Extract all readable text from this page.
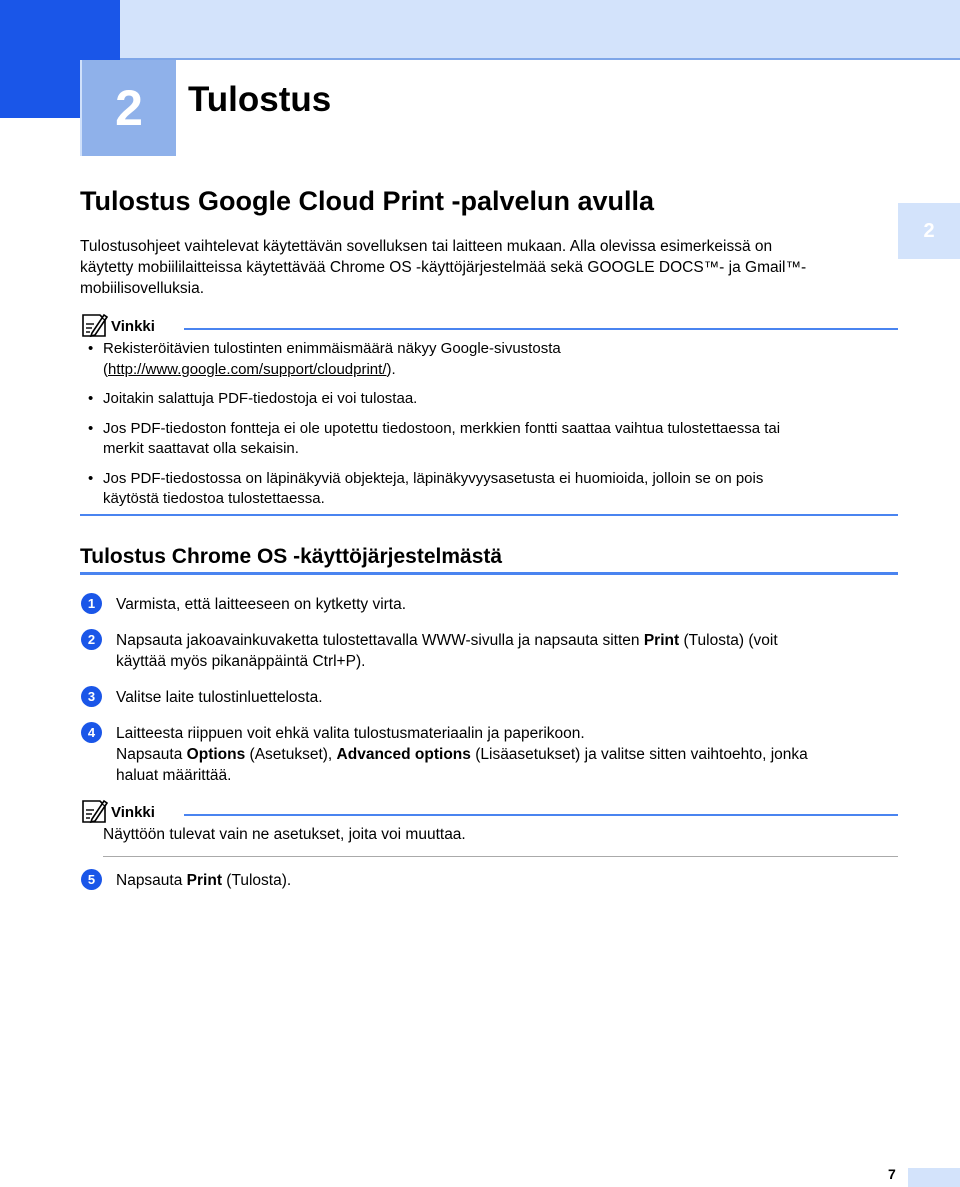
2 Tulostus
2
Tulostus Google Cloud Print -palvelun avulla
Tulostusohjeet vaihtelevat käytettävän sovelluksen tai laitteen mukaan. Alla olevissa esimerkeissä on
käytetty mobiililaitteissa käytettävää Chrome OS -käyttöjärjestelmää sekä GOOGLE DOCS™- ja Gmail™-
mobiilisovelluksia.
Vinkki
• Rekisteröitävien tulostinten enimmäismäärä näkyy Google-sivustosta
(http://www.google.com/support/cloudprint/).
• Joitakin salattuja PDF-tiedostoja ei voi tulostaa.
• Jos PDF-tiedoston fontteja ei ole upotettu tiedostoon, merkkien fontti saattaa vaihtua tulostettaessa tai
merkit saattavat olla sekaisin.
• Jos PDF-tiedostossa on läpinäkyviä objekteja, läpinäkyvyysasetusta ei huomioida, jolloin se on pois
käytöstä tiedostoa tulostettaessa.
Tulostus Chrome OS -käyttöjärjestelmästä
1	Varmista, että laitteeseen on kytketty virta.
2	Napsauta jakoavainkuvaketta tulostettavalla WWW-sivulla ja napsauta sitten Print (Tulosta) (voit
käyttää myös pikanäppäintä Ctrl+P).
3	Valitse laite tulostinluettelosta.
4	Laitteesta riippuen voit ehkä valita tulostusmateriaalin ja paperikoon.
Napsauta Options (Asetukset), Advanced options (Lisäasetukset) ja valitse sitten vaihtoehto, jonka
haluat määrittää.
Vinkki
Näyttöön tulevat vain ne asetukset, joita voi muuttaa.
5	Napsauta Print (Tulosta).
7
